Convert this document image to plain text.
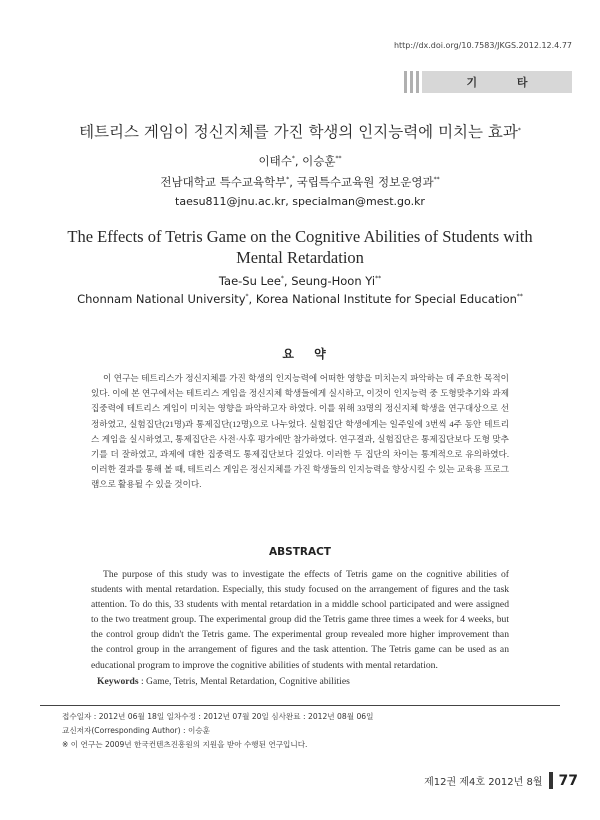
http://dx.doi.org/10.7583/JKGS.2012.12.4.77
기 타
테트리스 게임이 정신지체를 가진 학생의 인지능력에 미치는 효과*
이태수*, 이승훈**
전남대학교 특수교육학부*, 국립특수교육원 정보운영과**
taesu811@jnu.ac.kr, specialman@mest.go.kr
The Effects of Tetris Game on the Cognitive Abilities of Students with
Mental Retardation
Tae-Su Lee*, Seung-Hoon Yi**
Chonnam National University*, Korea National Institute for Special Education**
요 약
이 연구는 테트리스가 정신지체를 가진 학생의 인지능력에 어떠한 영향을 미치는지 파악하는 데 주요한 목적이 있다. 이에 본 연구에서는 테트리스 게임을 정신지체 학생들에게 실시하고, 이것이 인지능력 중 도형맞추기와 과제집중력에 테트리스 게임이 미치는 영향을 파악하고자 하였다. 이를 위해 33명의 정신지체 학생을 연구대상으로 선정하였고, 실험집단(21명)과 통제집단(12명)으로 나누었다. 실험집단 학생에게는 일주일에 3번씩 4주 동안 테트리스 게임을 실시하였고, 통제집단은 사전·사후 평가에만 참가하였다. 연구결과, 실험집단은 통제집단보다 도형 맞추기를 더 잘하였고, 과제에 대한 집중력도 통제집단보다 길었다. 이러한 두 집단의 차이는 통계적으로 유의하였다. 이러한 결과를 통해 볼 때, 테트리스 게임은 정신지체를 가진 학생들의 인지능력을 향상시킬 수 있는 교육용 프로그램으로 활용될 수 있을 것이다.
ABSTRACT
The purpose of this study was to investigate the effects of Tetris game on the cognitive abilities of students with mental retardation. Especially, this study focused on the arrangement of figures and the task attention. To do this, 33 students with mental retardation in a middle school participated and were assigned to the two treatment group. The experimental group did the Tetris game three times a week for 4 weeks, but the control group didn't the Tetris game. The experimental group revealed more higher improvement than the control group in the arrangement of figures and the task attention. The Tetris game can be used as an educational program to improve the cognitive abilities of students with mental retardation.
Keywords : Game, Tetris, Mental Retardation, Cognitive abilities
접수일자 : 2012년 06월 18일 일차수정 : 2012년 07월 20일 심사완료 : 2012년 08월 06일
교신저자(Corresponding Author) : 이승훈
※ 이 연구는 2009년 한국컨텐츠진흥원의 지원을 받아 수행된 연구입니다.
제12권 제4호 2012년 8월 77
